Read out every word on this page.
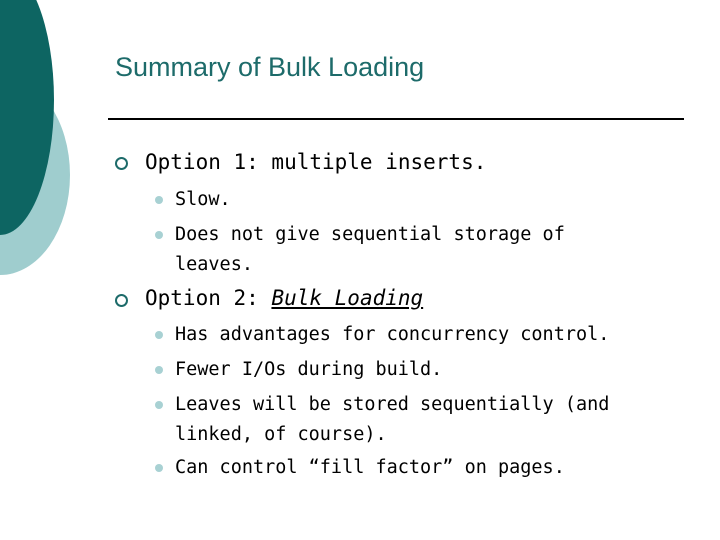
Summary of Bulk Loading
Option 1: multiple inserts.
Slow.
Does not give sequential storage of leaves.
Option 2: Bulk Loading
Has advantages for concurrency control.
Fewer I/Os during build.
Leaves will be stored sequentially (and linked, of course).
Can control “fill factor” on pages.
